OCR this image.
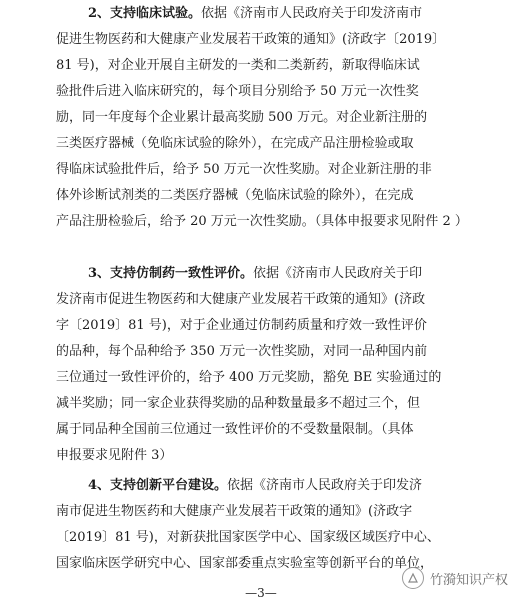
2、支持临床试验。依据《济南市人民政府关于印发济南市
促进生物医药和大健康产业发展若干政策的通知》(济政字〔2019〕
81 号)，对企业开展自主研发的一类和二类新药，新取得临床试
验批件后进入临床研究的，每个项目分别给予 50 万元一次性奖
励，同一年度每个企业累计最高奖励 500 万元。对企业新注册的
三类医疗器械（免临床试验的除外），在完成产品注册检验或取
得临床试验批件后，给予 50 万元一次性奖励。对企业新注册的非
体外诊断试剂类的二类医疗器械（免临床试验的除外），在完成
产品注册检验后，给予 20 万元一次性奖励。（具体申报要求见附件 2 ）
3、支持仿制药一致性评价。依据《济南市人民政府关于印
发济南市促进生物医药和大健康产业发展若干政策的通知》(济政
字〔2019〕81 号)，对于企业通过仿制药质量和疗效一致性评价
的品种，每个品种给予 350 万元一次性奖励，对同一品种国内前
三位通过一致性评价的，给予 400 万元奖励，豁免 BE 实验通过的
减半奖励；同一家企业获得奖励的品种数量最多不超过三个，但
属于同品种全国前三位通过一致性评价的不受数量限制。（具体
申报要求见附件 3）
4、支持创新平台建设。依据《济南市人民政府关于印发济
南市促进生物医药和大健康产业发展若干政策的通知》(济政字
〔2019〕81 号)，对新获批国家医学中心、国家级区域医疗中心、
国家临床医学研究中心、国家部委重点实验室等创新平台的单位，
—3—
竹漪知识产权
